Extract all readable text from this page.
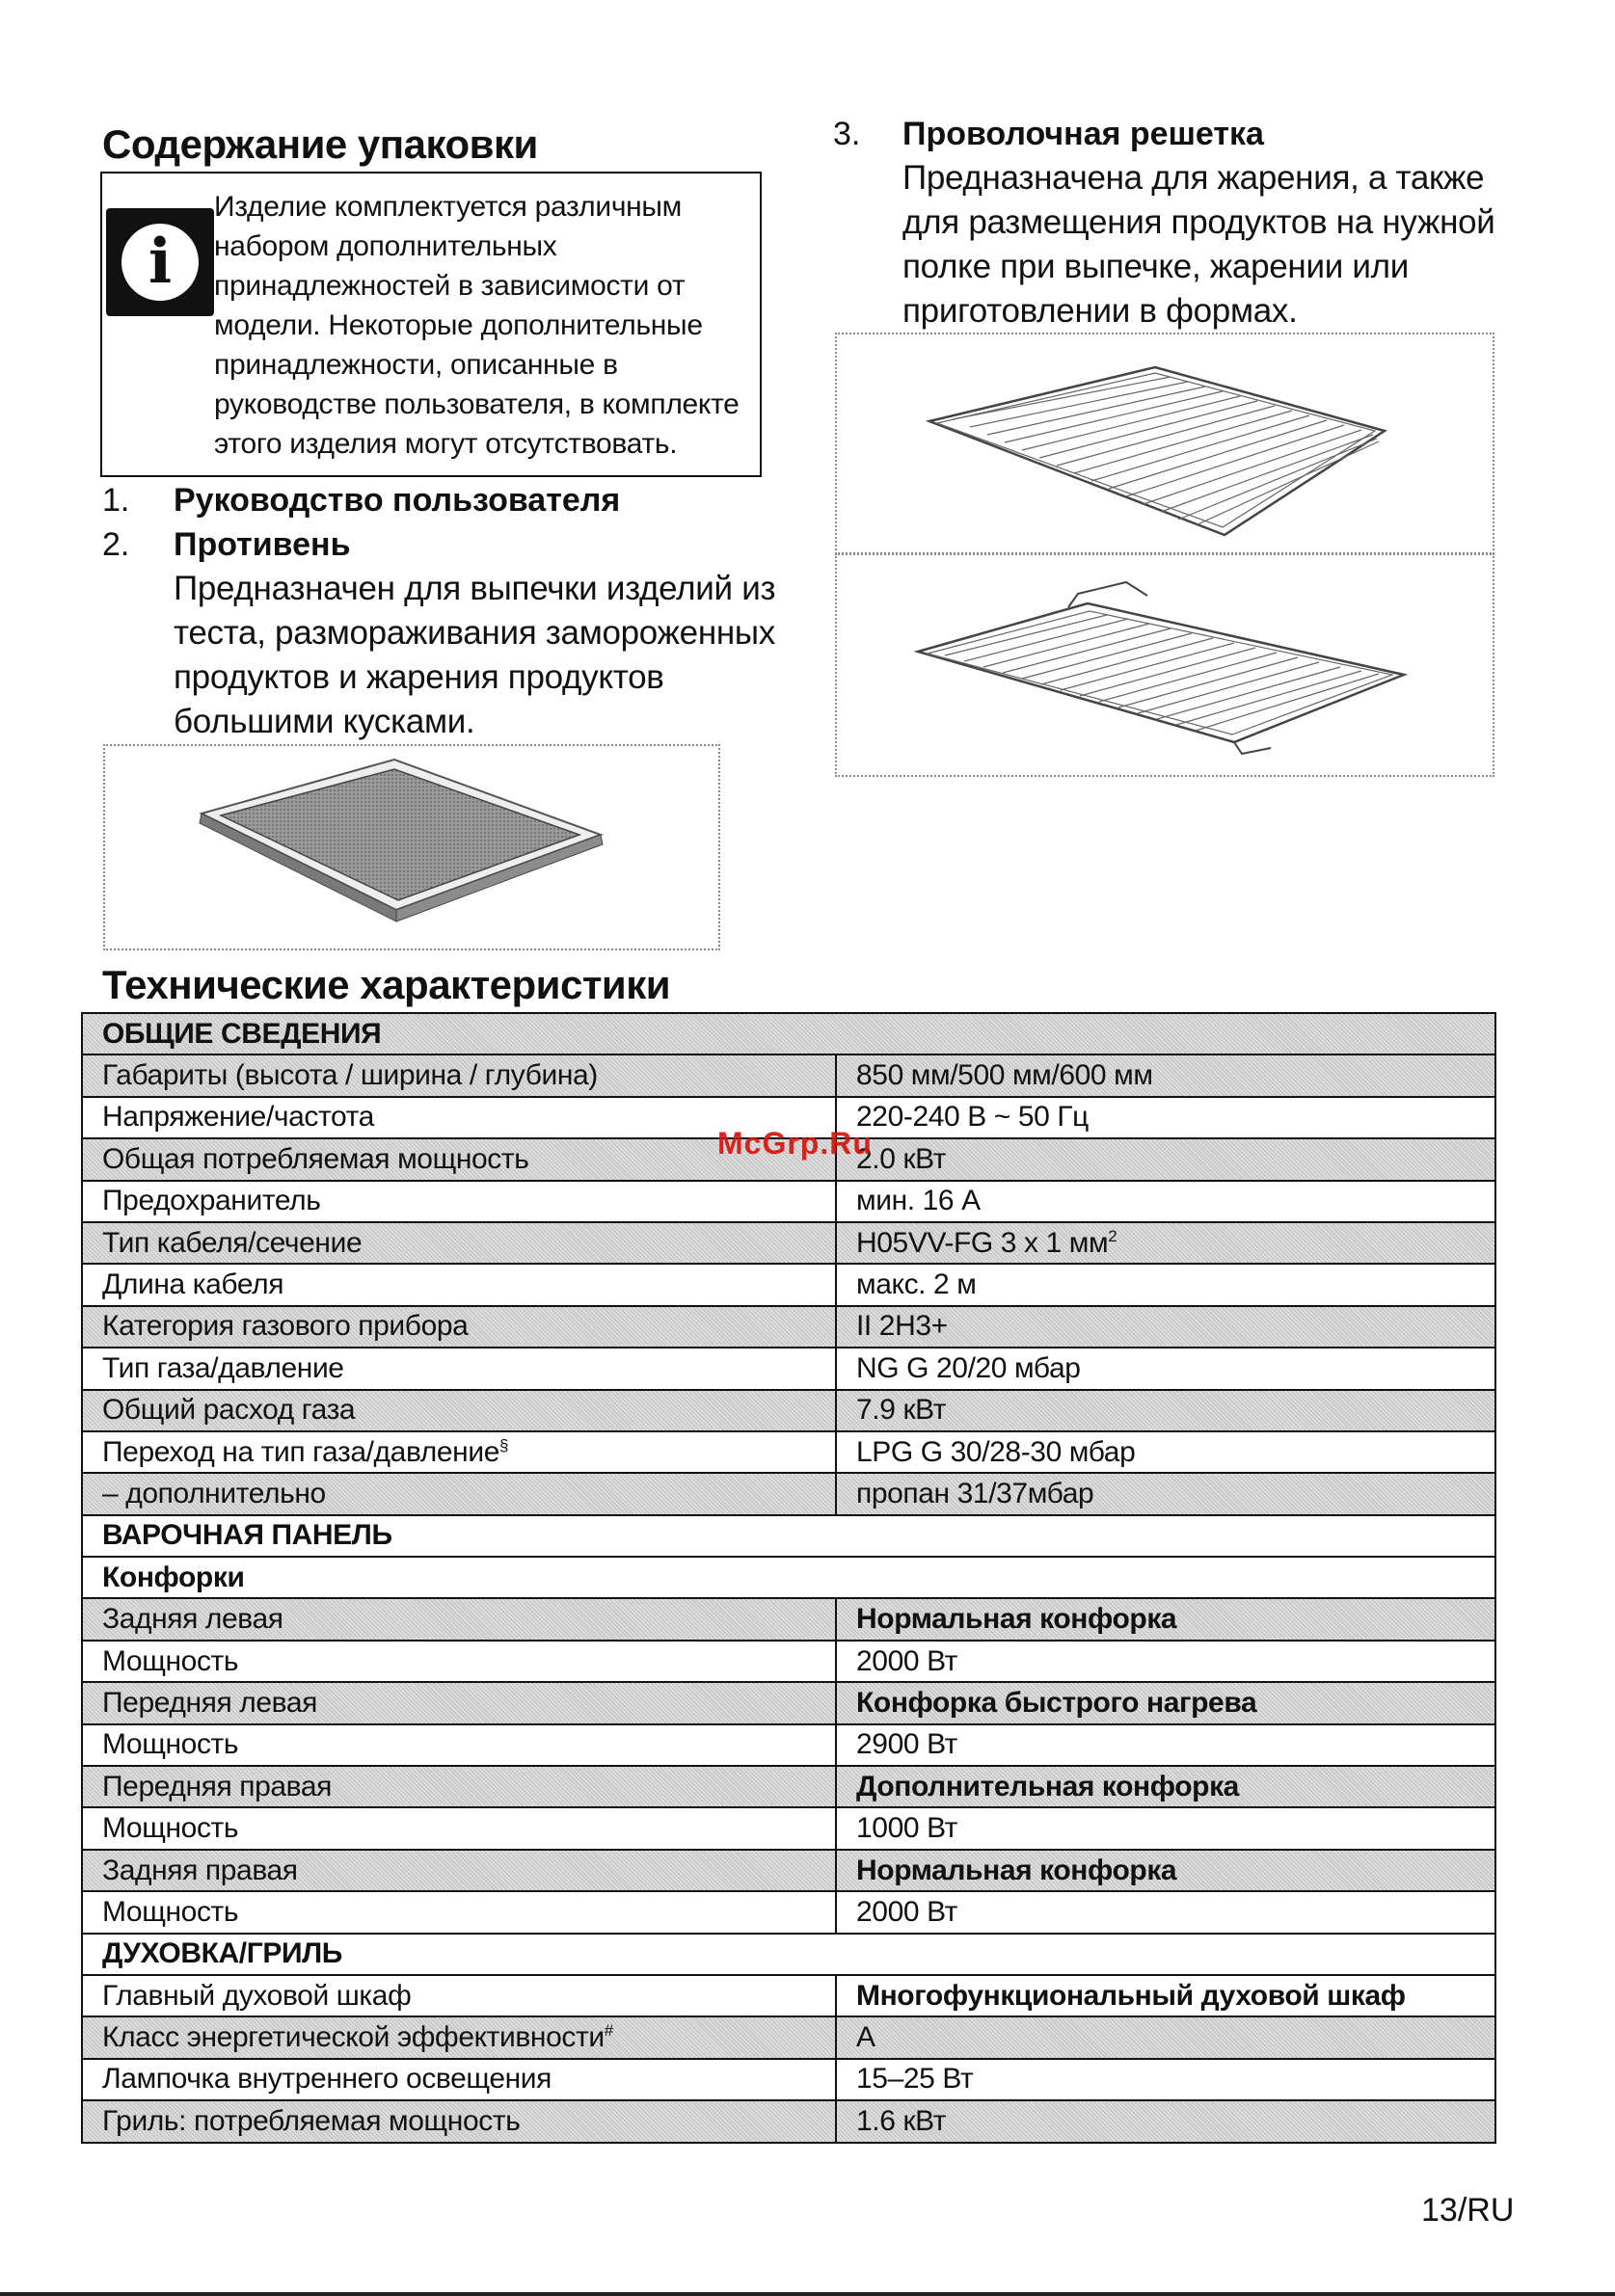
Содержание упаковки
i
Изделие комплектуется различным
набором дополнительных
принадлежностей в зависимости от
модели. Некоторые дополнительные
принадлежности, описанные в
руководстве пользователя, в комплекте
этого изделия могут отсутствовать.
1. Руководство пользователя
2. Противень
Предназначен для выпечки изделий из
теста, размораживания замороженных
продуктов и жарения продуктов
большими кусками.
3. Проволочная решетка
Предназначена для жарения, а также
для размещения продуктов на нужной
полке при выпечке, жарении или
приготовлении в формах.
Технические характеристики
ОБЩИЕ СВЕДЕНИЯ	
Габариты (высота / ширина / глубина)	850 мм/500 мм/600 мм
Напряжение/частота	220-240 В ~ 50 Гц
Общая потребляемая мощность	2.0 кВт
Предохранитель	мин. 16 А
Тип кабеля/сечение	H05VV-FG 3 x 1 $мм^2$
Длина кабеля	макс. 2 м
Категория газового прибора	II 2H3+
Тип газа/давление	NG G 20/20 мбар
Общий расход газа	7.9 кВт
Переход на тип газа/давление§	LPG G 30/28-30 мбар
– дополнительно	пропан 31/37мбар
ВАРОЧНАЯ ПАНЕЛЬ	
Конфорки	
Задняя левая	Нормальная конфорка
Мощность	2000 Вт
Передняя левая	Конфорка быстрого нагрева
Мощность	2900 Вт
Передняя правая	Дополнительная конфорка
Мощность	1000 Вт
Задняя правая	Нормальная конфорка
Мощность	2000 Вт
ДУХОВКА/ГРИЛЬ	
Главный духовой шкаф	Многофункциональный духовой шкаф
Класс энергетической эффективности#	A
Лампочка внутреннего освещения	15–25 Вт
Гриль: потребляемая мощность	1.6 кВт
McGrp.Ru
13/RU
